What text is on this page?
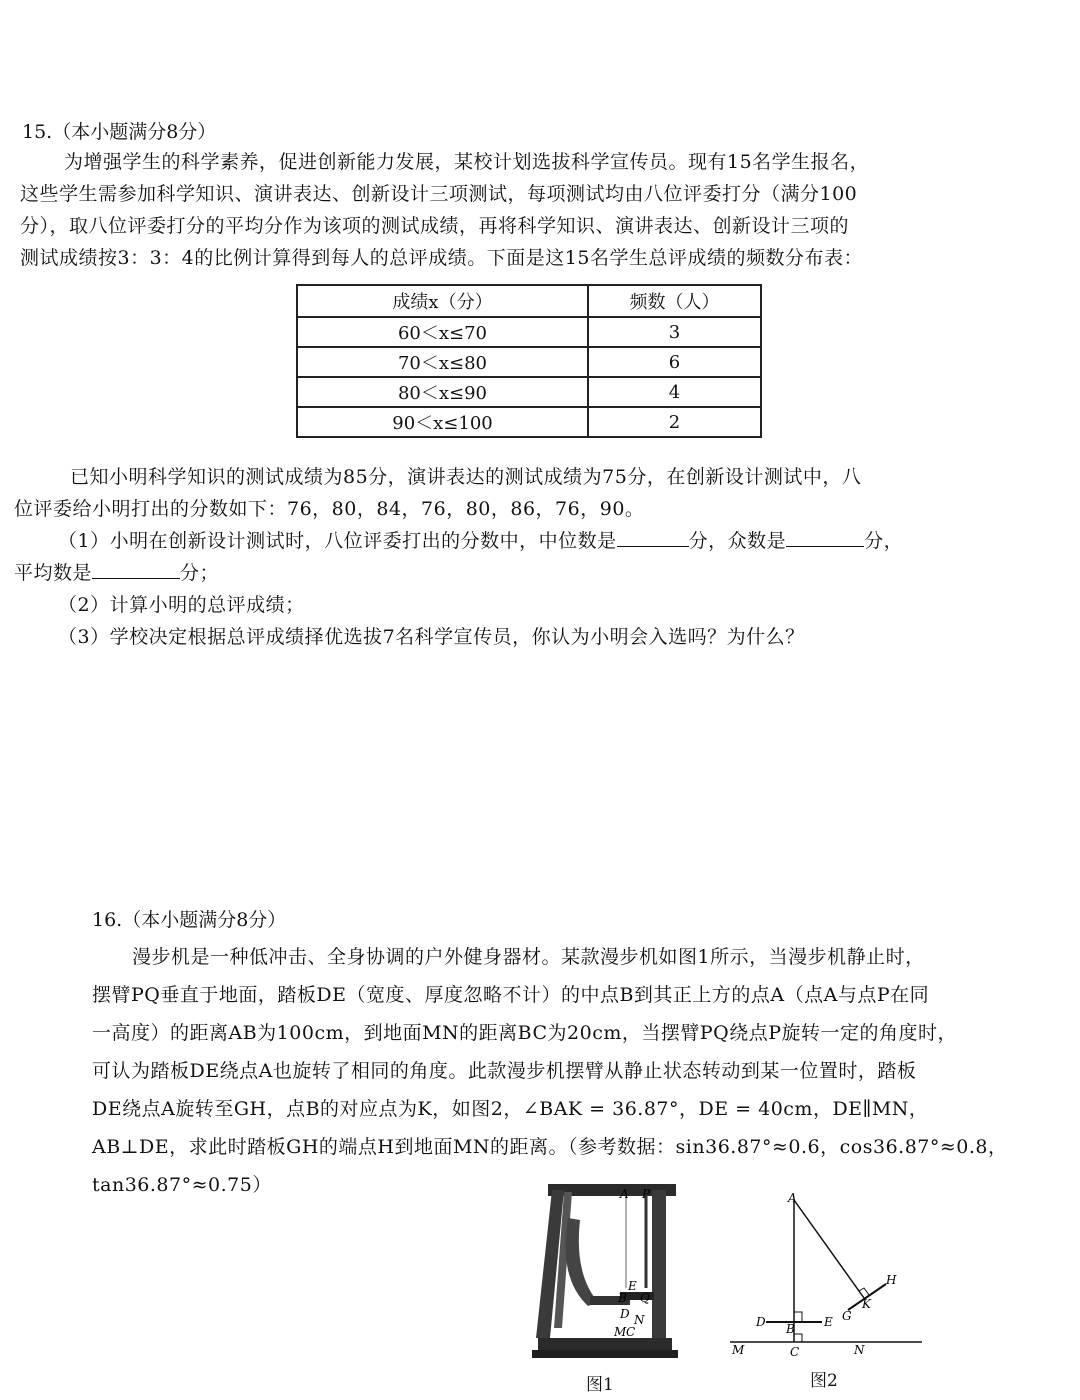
15.（本小题满分8分）
为增强学生的科学素养，促进创新能力发展，某校计划选拔科学宣传员。现有15名学生报名，
这些学生需参加科学知识、演讲表达、创新设计三项测试，每项测试均由八位评委打分（满分100
分），取八位评委打分的平均分作为该项的测试成绩，再将科学知识、演讲表达、创新设计三项的
测试成绩按3：3：4的比例计算得到每人的总评成绩。下面是这15名学生总评成绩的频数分布表：
成绩x（分）	频数（人）
60＜x≤70	3
70＜x≤80	6
80＜x≤90	4
90＜x≤100	2
已知小明科学知识的测试成绩为85分，演讲表达的测试成绩为75分，在创新设计测试中，八
位评委给小明打出的分数如下：76，80，84，76，80，86，76，90。
（1）小明在创新设计测试时，八位评委打出的分数中，中位数是	分，众数是	分，
平均数是	分；
（2）计算小明的总评成绩；
（3）学校决定根据总评成绩择优选拔7名科学宣传员，你认为小明会入选吗？为什么？
16.（本小题满分8分）
漫步机是一种低冲击、全身协调的户外健身器材。某款漫步机如图1所示，当漫步机静止时，
摆臂PQ垂直于地面，踏板DE（宽度、厚度忽略不计）的中点B到其正上方的点A（点A与点P在同
一高度）的距离AB为100cm，到地面MN的距离BC为20cm，当摆臂PQ绕点P旋转一定的角度时，
可认为踏板DE绕点A也旋转了相同的角度。此款漫步机摆臂从静止状态转动到某一位置时，踏板
DE绕点A旋转至GH，点B的对应点为K，如图2，∠BAK = 36.87°，DE = 40cm，DE∥MN，
AB⊥DE，求此时踏板GH的端点H到地面MN的距离。（参考数据：sin36.87°≈0.6，cos36.87°≈0.8，
tan36.87°≈0.75）	A P
E
B Q
D N
M C
图1
A
H
K
G
D B E
M	C	N
图2
